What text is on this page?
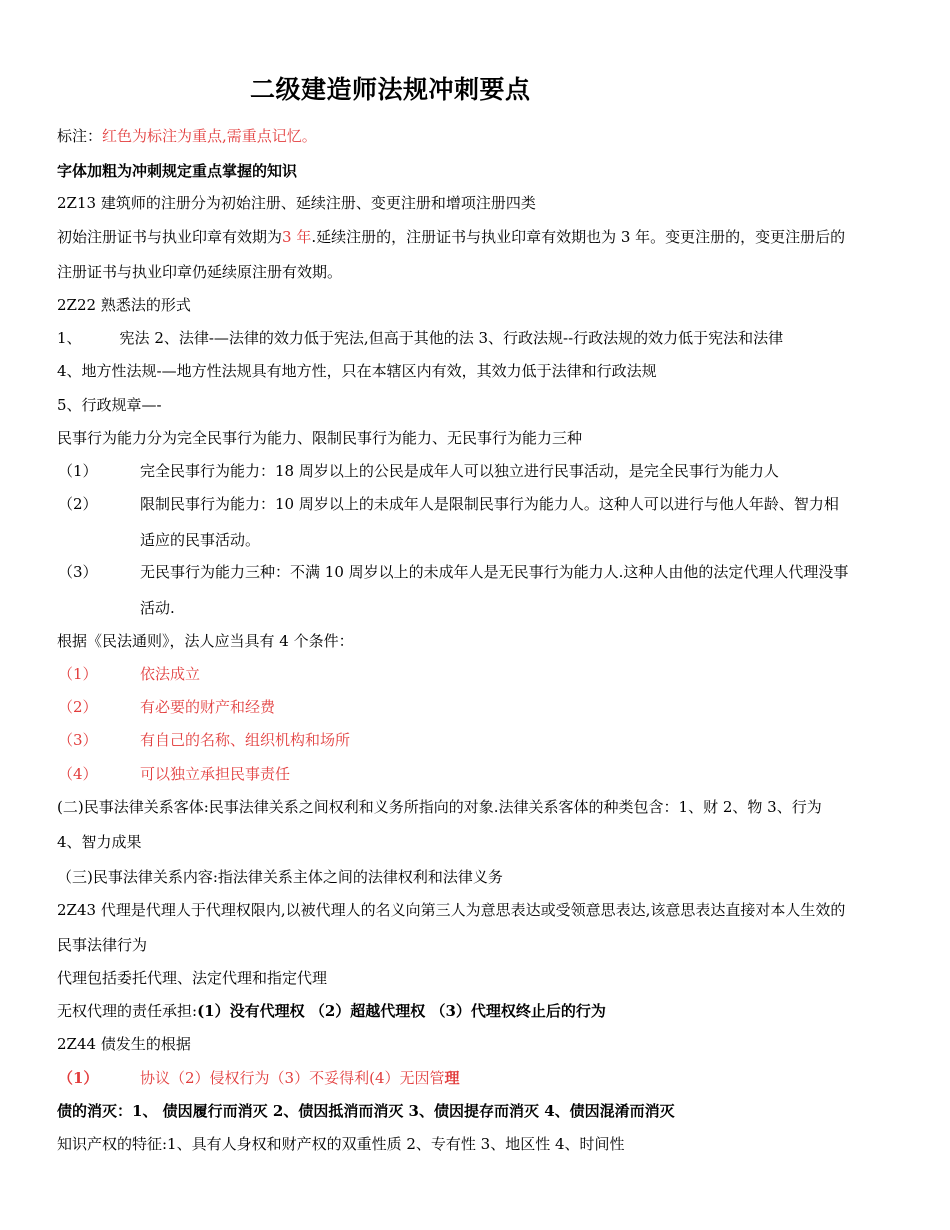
二级建造师法规冲刺要点
标注：红色为标注为重点,需重点记忆。
字体加粗为冲刺规定重点掌握的知识
2Z13 建筑师的注册分为初始注册、延续注册、变更注册和增项注册四类
初始注册证书与执业印章有效期为3 年.延续注册的，注册证书与执业印章有效期也为 3 年。变更注册的，变更注册后的
注册证书与执业印章仍延续原注册有效期。
2Z22 熟悉法的形式
1、	宪法 2、法律-—法律的效力低于宪法,但高于其他的法 3、行政法规--行政法规的效力低于宪法和法律
4、地方性法规-—地方性法规具有地方性，只在本辖区内有效，其效力低于法律和行政法规
5、行政规章—-
民事行为能力分为完全民事行为能力、限制民事行为能力、无民事行为能力三种
（1）	完全民事行为能力：18 周岁以上的公民是成年人可以独立进行民事活动，是完全民事行为能力人
（2）	限制民事行为能力：10 周岁以上的未成年人是限制民事行为能力人。这种人可以进行与他人年龄、智力相
适应的民事活动。
（3）	无民事行为能力三种：不满 10 周岁以上的未成年人是无民事行为能力人.这种人由他的法定代理人代理没事
活动.
根据《民法通则》，法人应当具有 4 个条件：
（1）	依法成立
（2）	有必要的财产和经费
（3）	有自己的名称、组织机构和场所
（4）	可以独立承担民事责任
(二)民事法律关系客体:民事法律关系之间权利和义务所指向的对象.法律关系客体的种类包含：1、财 2、物 3、行为
4、智力成果
（三)民事法律关系内容:指法律关系主体之间的法律权利和法律义务
2Z43 代理是代理人于代理权限内,以被代理人的名义向第三人为意思表达或受领意思表达,该意思表达直接对本人生效的
民事法律行为
代理包括委托代理、法定代理和指定代理
无权代理的责任承担:(1）没有代理权 （2）超越代理权 （3）代理权终止后的行为
2Z44 债发生的根据
（1）	协议（2）侵权行为（3）不妥得利(4）无因管理
债的消灭：1、 债因履行而消灭 2、债因抵消而消灭 3、债因提存而消灭 4、债因混淆而消灭
知识产权的特征:1、具有人身权和财产权的双重性质 2、专有性 3、地区性 4、时间性
